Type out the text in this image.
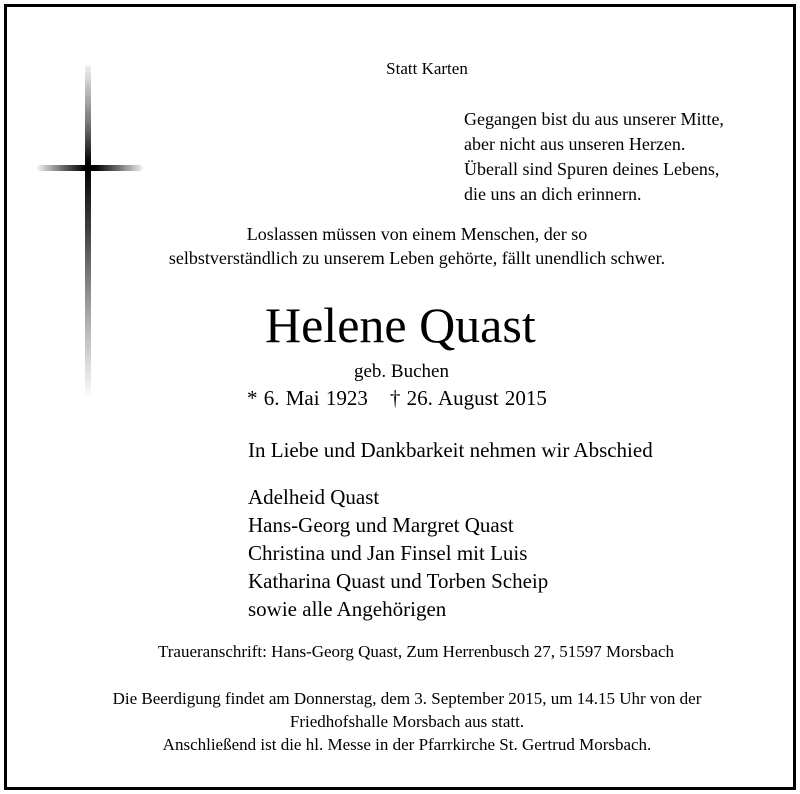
Statt Karten
Gegangen bist du aus unserer Mitte,
aber nicht aus unseren Herzen.
Überall sind Spuren deines Lebens,
die uns an dich erinnern.
Loslassen müssen von einem Menschen, der so
selbstverständlich zu unserem Leben gehörte, fällt unendlich schwer.
Helene Quast
geb. Buchen
* 6. Mai 1923 † 26. August 2015
In Liebe und Dankbarkeit nehmen wir Abschied
Adelheid Quast
Hans-Georg und Margret Quast
Christina und Jan Finsel mit Luis
Katharina Quast und Torben Scheip
sowie alle Angehörigen
Traueranschrift: Hans-Georg Quast, Zum Herrenbusch 27, 51597 Morsbach
Die Beerdigung findet am Donnerstag, dem 3. September 2015, um 14.15 Uhr von der
Friedhofshalle Morsbach aus statt.
Anschließend ist die hl. Messe in der Pfarrkirche St. Gertrud Morsbach.
